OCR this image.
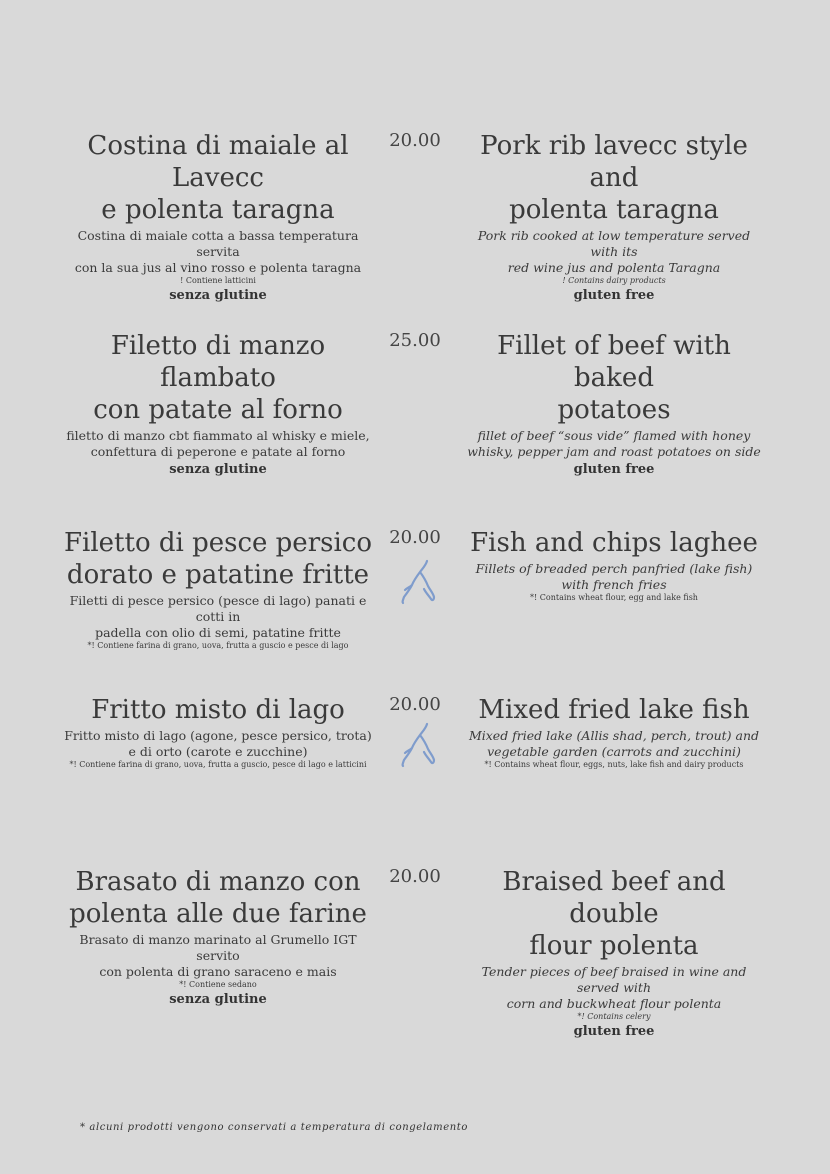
Costina di maiale al Lavecc
e polenta taragna
Costina di maiale cotta a bassa temperatura servita
con la sua jus al vino rosso e polenta taragna
! Contiene latticini
senza glutine
20.00	Pork rib lavecc style and
polenta taragna
Pork rib cooked at low temperature served with its
red wine jus and polenta Taragna
! Contains dairy products
gluten free
Filetto di manzo flambato
con patate al forno
filetto di manzo cbt fiammato al whisky e miele,
confettura di peperone e patate al forno
senza glutine
25.00	Fillet of beef with baked
potatoes
fillet of beef “sous vide” flamed with honey
whisky, pepper jam and roast potatoes on side
gluten free
Filetto di pesce persico
dorato e patatine fritte
Filetti di pesce persico (pesce di lago) panati e cotti in
padella con olio di semi, patatine fritte
*! Contiene farina di grano, uova, frutta a guscio e pesce di lago
20.00	Fish and chips laghee
Fillets of breaded perch panfried (lake fish)
with french fries
*! Contains wheat flour, egg and lake fish
Fritto misto di lago
Fritto misto di lago (agone, pesce persico, trota)
e di orto (carote e zucchine)
*! Contiene farina di grano, uova, frutta a guscio, pesce di lago e latticini
20.00	Mixed fried lake fish
Mixed fried lake (Allis shad, perch, trout) and
vegetable garden (carrots and zucchini)
*! Contains wheat flour, eggs, nuts, lake fish and dairy products
Brasato di manzo con
polenta alle due farine
Brasato di manzo marinato al Grumello IGT servito
con polenta di grano saraceno e mais
*! Contiene sedano
senza glutine
20.00	Braised beef and double
flour polenta
Tender pieces of beef braised in wine and served with
corn and buckwheat flour polenta
*! Contains celery
gluten free
* alcuni prodotti vengono conservati a temperatura di congelamento
